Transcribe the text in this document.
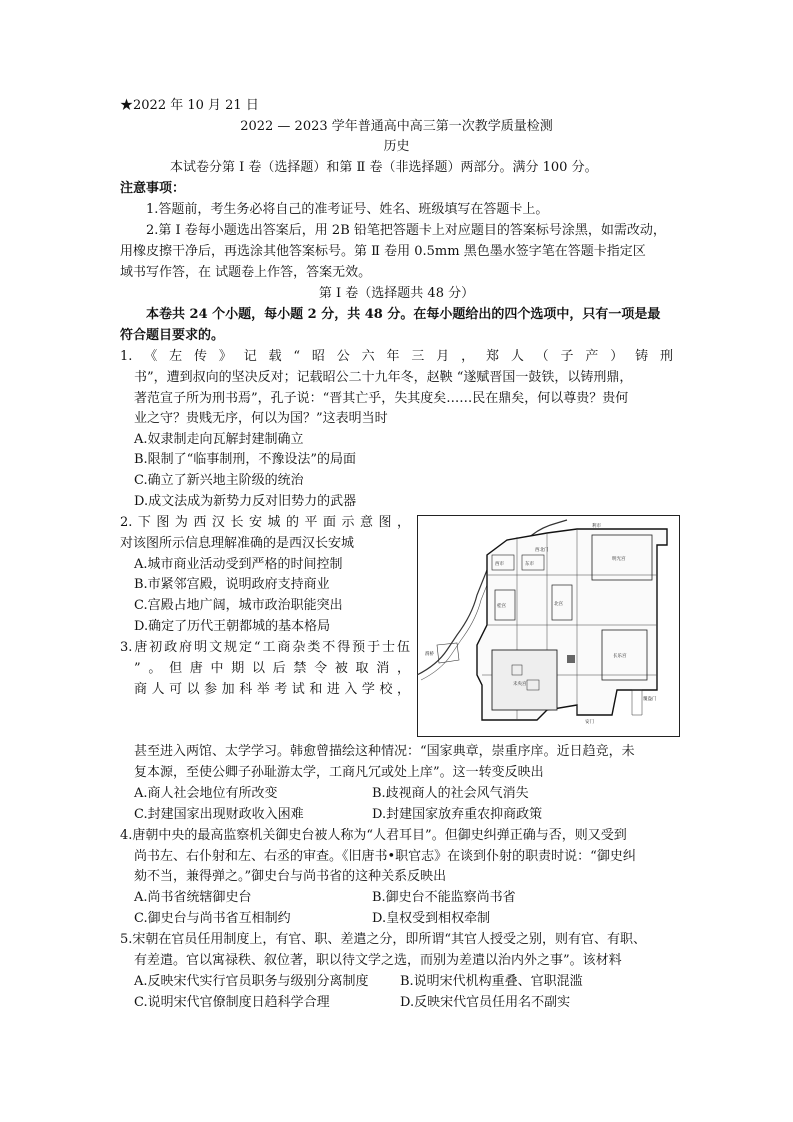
★2022 年 10 月 21 日
2022 — 2023 学年普通高中高三第一次教学质量检测
历史
本试卷分第 Ⅰ 卷（选择题）和第 Ⅱ 卷（非选择题）两部分。满分 100 分。
注意事项：
1.答题前，考生务必将自己的准考证号、姓名、班级填写在答题卡上。
2.第 Ⅰ 卷每小题选出答案后，用 2B 铅笔把答题卡上对应题目的答案标号涂黑，如需改动，
用橡皮擦干净后，再选涂其他答案标号。第 Ⅱ 卷用 0.5mm 黑色墨水签字笔在答题卡指定区
域书写作答，在 试题卷上作答，答案无效。
第 Ⅰ 卷（选择题共 48 分）
本卷共 24 个小题，每小题 2 分，共 48 分。在每小题给出的四个选项中，只有一项是最
符合题目要求的。
1.《左传》记载“昭公六年三月，郑人（子产）铸刑
书”，遭到叔向的坚决反对；记载昭公二十九年冬，赵鞅 “遂赋晋国一鼓铁，以铸刑鼎，
著范宣子所为刑书焉”，孔子说：“晋其亡乎，失其度矣……民在鼎矣，何以尊贵？贵何
业之守？贵贱无序，何以为国？”这表明当时
A.奴隶制走向瓦解封建制确立
B.限制了“临事制刑，不豫设法”的局面
C.确立了新兴地主阶级的统治
D.成文法成为新势力反对旧势力的武器
2.下图为西汉长安城的平面示意图，
对该图所示信息理解准确的是西汉长安城
A.城市商业活动受到严格的时间控制
B.市紧邻宫殿，说明政府支持商业
C.宫殿占地广阔，城市政治职能突出
D.确定了历代王朝都城的基本格局
西北门
利市
东市
西市
明光宫
北宫
桂宫
长乐宫
未央宫
覆盎门
安门
渭桥
3.唐初政府明文规定“工商杂类不得预于士伍
”。但唐中期以后禁令被取消，
商人可以参加科举考试和进入学校，
甚至进入两馆、太学学习。韩愈曾描绘这种情况：“国家典章，崇重序庠。近日趋竞，未
复本源，至使公卿子孙耻游太学，工商凡冗或处上庠”。这一转变反映出
A.商人社会地位有所改变	B.歧视商人的社会风气消失
C.封建国家出现财政收入困难	D.封建国家放弃重农抑商政策
4.唐朝中央的最高监察机关御史台被人称为“人君耳目”。但御史纠弹正确与否，则又受到
尚书左、右仆射和左、右丞的审查。《旧唐书•职官志》在谈到仆射的职责时说：“御史纠
劾不当，兼得弹之。”御史台与尚书省的这种关系反映出
A.尚书省统辖御史台	B.御史台不能监察尚书省
C.御史台与尚书省互相制约	D.皇权受到相权牵制
5.宋朝在官员任用制度上，有官、职、差遣之分，即所谓“其官人授受之别，则有官、有职、
有差遣。官以寓禄秩、叙位著，职以待文学之选，而别为差遣以治内外之事”。该材料
A.反映宋代实行官员职务与级别分离制度 B.说明宋代机构重叠、官职混滥
C.说明宋代官僚制度日趋科学合理	D.反映宋代官员任用名不副实
